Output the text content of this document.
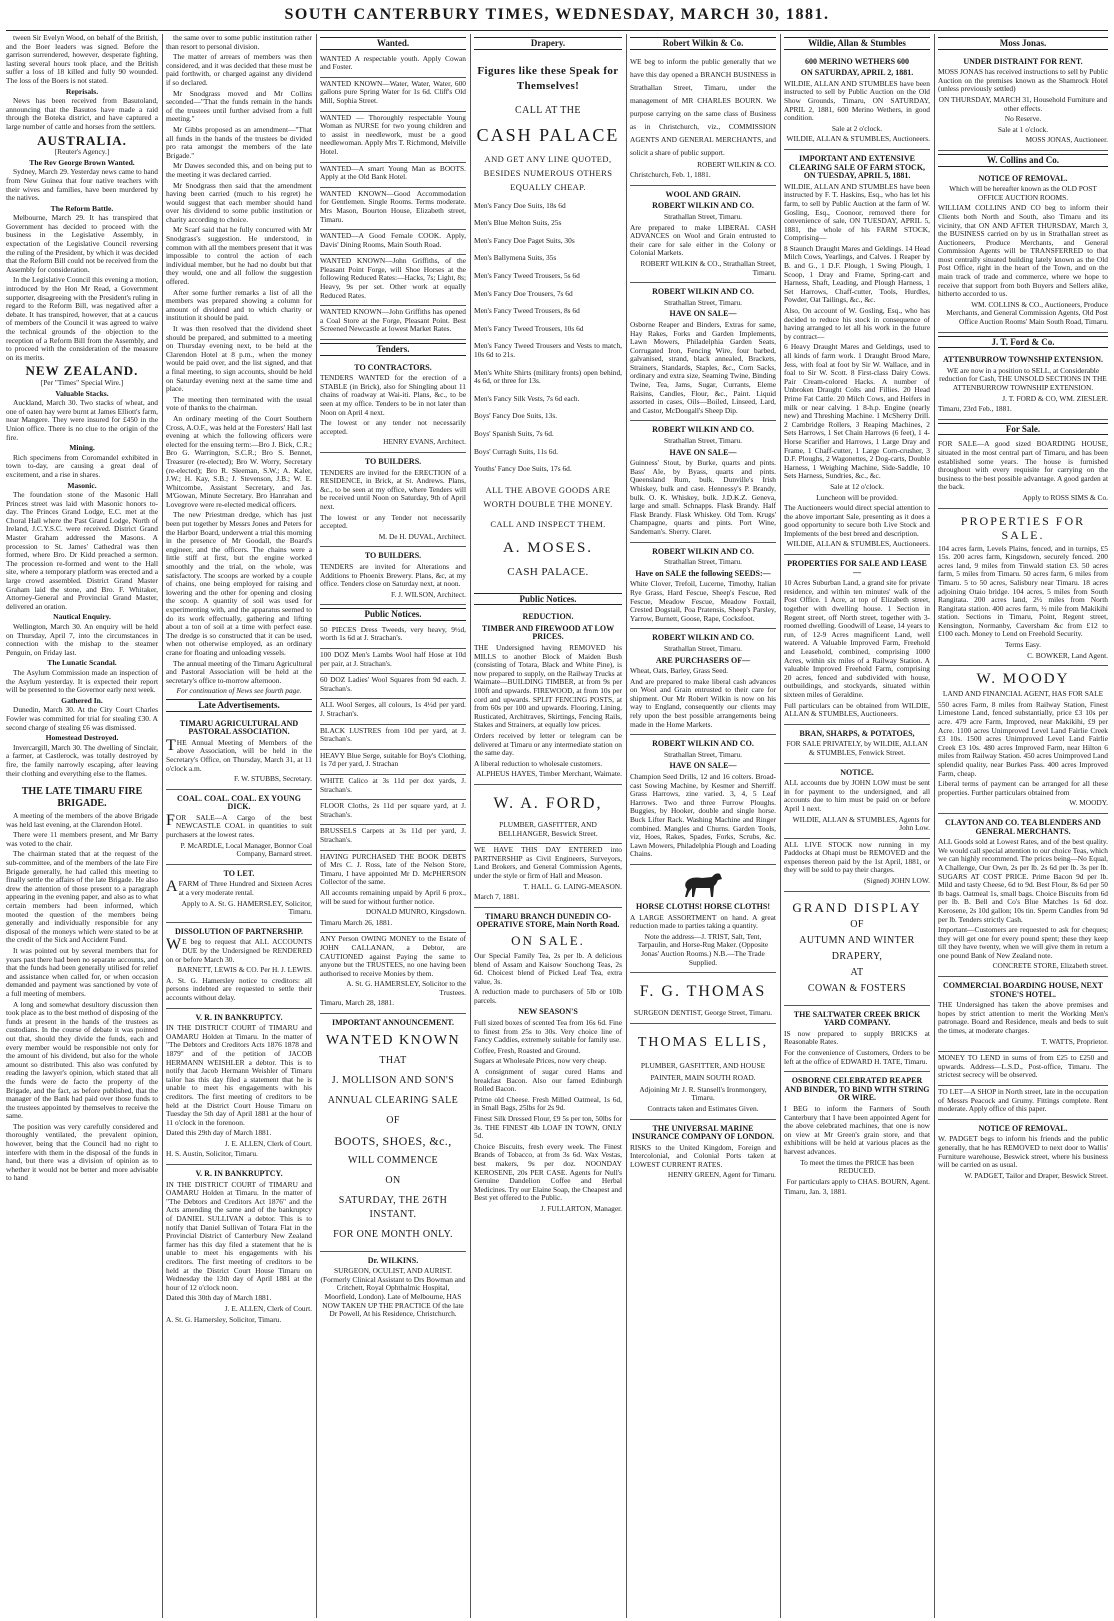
SOUTH CANTERBURY TIMES, WEDNESDAY, MARCH 30, 1881.

tween Sir Evelyn Wood, on behalf of the British, and the Boer leaders was signed. Before the garrison surrendered, however, desperate fighting, lasting several hours took place, and the British suffer a loss of 18 killed and fully 90 wounded. The loss of the Boers is not stated.

Reprisals.

News has been received from Basutoland, announcing that the Basutos have made a raid through the Boteka district, and have captured a large number of cattle and horses from the settlers.

AUSTRALIA.
[Reuter's Agency.]
The Rev George Brown Wanted.

Sydney, March 29. Yesterday news came to hand from New Guinea that four native teachers with their wives and families, have been murdered by the natives.

The Reform Battle.

Melbourne, March 29. It has transpired that Government has decided to proceed with the business in the Legislative Assembly, in expectation of the Legislative Council reversing the ruling of the President, by which it was decided that the Reform Bill could not be received from the Assembly for consideration.

In the Legislative Council this evening a motion, introduced by the Hon Mr Read, a Government supporter, disagreeing with the President's ruling in regard to the Reform Bill, was negatived after a debate. It has transpired, however, that at a caucus of members of the Council it was agreed to waive the technical grounds of the objection to the reception of a Reform Bill from the Assembly, and to proceed with the consideration of the measure on its merits.

NEW ZEALAND.
[Per "Times" Special Wire.]
Valuable Stacks.

Auckland, March 30. Two stacks of wheat, and one of oaten hay were burnt at James Elliott's farm, near Mangere. They were insured for £450 in the Union office. There is no clue to the origin of the fire.

Mining.

Rich specimens from Coromandel exhibited in town to-day, are causing a great deal of excitement, and a rise in shares.

Masonic.

The foundation stone of the Masonic Hall Princes street was laid with Masonic honors to-day. The Princes Grand Lodge, E.C. met at the Choral Hall where the Past Grand Lodge, North of Ireland, J.C.Y.S.C. were received. District Grand Master Graham addressed the Masons. A procession to St. James' Cathedral was then formed, where Bro. Dr Kidd preached a sermon. The procession re-formed and went to the Hall site, where a temporary platform was erected and a large crowd assembled. District Grand Master Graham laid the stone, and Bro. F. Whitaker, Attorney-General and Provincial Grand Master, delivered an oration.

Nautical Enquiry.

Wellington, March 30. An enquiry will be held on Thursday, April 7, into the circumstances in connection with the mishap to the steamer Penguin, on Friday last.

The Lunatic Scandal.

The Asylum Commission made an inspection of the Asylum yesterday. It is expected their report will be presented to the Governor early next week.

Gathered In.

Dunedin, March 30. At the City Court Charles Fowler was committed for trial for stealing £30. A second charge of stealing £6 was dismissed.

Homestead Destroyed.

Invercargill, March 30. The dwelling of Sinclair, a farmer, at Castlerock, was totally destroyed by fire, the family narrowly escaping, after leaving their clothing and everything else to the flames.

THE LATE TIMARU FIRE BRIGADE.

A meeting of the members of the above Brigade was held last evening, at the Clarendon Hotel.

There were 11 members present, and Mr Barry was voted to the chair.

The chairman stated that at the request of the sub-committee, and of the members of the late Fire Brigade generally, he had called this meeting to finally settle the affairs of the late Brigade. He also drew the attention of those present to a paragraph appearing in the evening paper, and also as to what certain members had been informed, which mooted the question of the members being generally and individually responsible for any disposal of the moneys which were stated to be at the credit of the Sick and Accident Fund.

It was pointed out by several members that for years past there had been no separate accounts, and that the funds had been generally utilised for relief and assistance when called for, or when occasion demanded and payment was sanctioned by vote of a full meeting of members.

A long and somewhat desultory discussion then took place as to the best method of disposing of the funds at present in the hands of the trustees as custodians. In the course of debate it was pointed out that, should they divide the funds, each and every member would be responsible not only for the amount of his dividend, but also for the whole amount so distributed. This also was confuted by reading the lawyer's opinion, which stated that all the funds were de facto the property of the Brigade, and the fact, as before published, that the manager of the Bank had paid over those funds to the trustees appointed by themselves to receive the same.

The position was very carefully considered and thoroughly ventilated, the prevalent opinion, however, being that the Council had no right to interfere with them in the disposal of the funds in hand, but there was a division of opinion as to whether it would not be better and more advisable to hand

the same over to some public institution rather than resort to personal division.

The matter of arrears of members was then considered, and it was decided that these must be paid forthwith, or charged against any dividend if so declared.

Mr Snodgrass moved and Mr Collins seconded—"That the funds remain in the hands of the trustees until further advised from a full meeting."

Mr Gibbs proposed as an amendment—"That all funds in the hands of the trustees be divided pro rata amongst the members of the late Brigade."

Mr Dawes seconded this, and on being put to the meeting it was declared carried.

Mr Snodgrass then said that the amendment having been carried (much to his regret) he would suggest that each member should hand over his dividend to some public institution or charity according to choice.

Mr Scarf said that he fully concurred with Mr Snodgrass's suggestion. He understood, in common with all the members present that it was impossible to control the action of each individual member, but he had no doubt but that they would, one and all follow the suggestion offered.

After some further remarks a list of all the members was prepared showing a column for amount of dividend and to which charity or institution it should be paid.

It was then resolved that the dividend sheet should be prepared, and submitted to a meeting on Thursday evening next, to be held at the Clarendon Hotel at 8 p.m., when the money would be paid over, and the list signed, and that a final meeting, to sign accounts, should be held on Saturday evening next at the same time and place.

The meeting then terminated with the usual vote of thanks to the chairman.

An ordinary meeting of the Court Southern Cross, A.O.F., was held at the Foresters' Hall last evening at which the following officers were elected for the ensuing term:—Bro J. Bick, C.R.; Bro G. Warrington, S.C.R.; Bro S. Bennet, Treasurer (re-elected); Bro W. Worry, Secretary (re-elected); Bro R. Sleeman, S.W.; A. Kaler, J.W.; H. Kay, S.B.; J. Stevenson, J.B.; W. E. Whitcombe, Assistant Secretary, and Jas. M'Gowan, Minute Secretary. Bro Hanrahan and Lovegrove were re-elected medical officers.

The new Priestman dredge, which has just been put together by Messrs Jones and Peters for the Harbor Board, underwent a trial this morning in the presence of Mr Goodall, the Board's engineer, and the officers. The chains were a little stiff at first, but the engine worked smoothly and the trial, on the whole, was satisfactory. The scoops are worked by a couple of chains, one being employed for raising and lowering and the other for opening and closing the scoop. A quantity of soil was used for experimenting with, and the apparatus seemed to do its work effectually, gathering and lifting about a ton of soil at a time with perfect ease. The dredge is so constructed that it can be used, when not otherwise employed, as an ordinary crane for floating and unloading vessels.

The annual meeting of the Timaru Agricultural and Pastoral Association will be held at the secretary's office to-morrow afternoon.

For continuation of News see fourth page.

Late Advertisements.
TIMARU AGRICULTURAL AND PASTORAL ASSOCIATION.

THE Annual Meeting of Members of the above Association, will be held in the Secretary's Office, on Thursday, March 31, at 11 o'clock a.m.

F. W. STUBBS, Secretary.

COAL. COAL. COAL. EX YOUNG DICK.

FOR SALE—A Cargo of the best NEWCASTLE COAL in quantities to suit purchasers at the lowest rates.

P. McARDLE, Local Manager, Bonnor Coal Company, Barnard street.

TO LET.

AFARM of Three Hundred and Sixteen Acres at a very moderate rental.

Apply to A. St. G. HAMERSLEY, Solicitor, Timaru.

DISSOLUTION OF PARTNERSHIP.

WE beg to request that ALL ACCOUNTS DUE by the Undersigned be RENDERED on or before March 30.

BARNETT, LEWIS & CO. Per H. J. LEWIS.

A. St. G. Hamersley notice to creditors: all persons indebted are requested to settle their accounts without delay.

V. R. IN BANKRUPTCY.

IN THE DISTRICT COURT of TIMARU and OAMARU Holden at Timaru. In the matter of "The Debtors and Creditors Acts 1876 1878 and 1879" and of the petition of JACOB HERMANN WEISHLER a debtor. This is to notify that Jacob Hermann Weishler of Timaru tailor has this day filed a statement that he is unable to meet his engagements with his creditors. The first meeting of creditors to be held at the District Court House Timaru on Tuesday the 5th day of April 1881 at the hour of 11 o'clock in the forenoon.

Dated this 29th day of March 1881.

J. E. ALLEN, Clerk of Court.

H. S. Austin, Solicitor, Timaru.

V. R. IN BANKRUPTCY.

IN THE DISTRICT COURT of TIMARU and OAMARU Holden at Timaru. In the matter of "The Debtors and Creditors Act 1876" and the Acts amending the same and of the bankruptcy of DANIEL SULLIVAN a debtor. This is to notify that Daniel Sullivan of Totara Flat in the Provincial District of Canterbury New Zealand farmer has this day filed a statement that he is unable to meet his engagements with his creditors. The first meeting of creditors to be held at the District Court House Timaru on Wednesday the 13th day of April 1881 at the hour of 12 o'clock noon.

Dated this 30th day of March 1881.

J. E. ALLEN, Clerk of Court.

A. St. G. Hamersley, Solicitor, Timaru.

Wanted.

WANTED A respectable youth. Apply Cowan and Foster.

WANTED KNOWN—Water, Water, Water, 600 gallons pure Spring Water for 1s 6d. Cliff's Old Mill, Sophia Street.

WANTED — Thoroughly respectable Young Woman as NURSE for two young children and to assist in needlework, must be a good needlewoman. Apply Mrs T. Richmond, Melville Hotel.

WANTED—A smart Young Man as BOOTS. Apply at the Old Bank Hotel.

WANTED KNOWN—Good Accommodation for Gentlemen. Single Rooms. Terms moderate. Mrs Mason, Bourton House, Elizabeth street, Timaru.

WANTED—A Good Female COOK. Apply, Davis' Dining Rooms, Main South Road.

WANTED KNOWN—John Griffiths, of the Pleasant Point Forge, will Shoe Horses at the following Reduced Rates:—Hacks, 7s; Light, 8s; Heavy, 9s per set. Other work at equally Reduced Rates.

WANTED KNOWN—John Griffiths has opened a Coal Store at the Forge, Pleasant Point. Best Screened Newcastle at lowest Market Rates.

Tenders.
TO CONTRACTORS.

TENDERS WANTED for the erection of a STABLE (in Brick), also for Shingling about 11 chains of roadway at Wai-iti. Plans, &c., to be seen at my office. Tenders to be in not later than Noon on April 4 next.

The lowest or any tender not necessarily accepted.

HENRY EVANS, Architect.

TO BUILDERS.

TENDERS are invited for the ERECTION of a RESIDENCE, in Brick, at St. Andrews. Plans, &c., to be seen at my office, where Tenders will be received until Noon on Saturday, 9th of April next.

The lowest or any Tender not necessarily accepted.

M. De H. DUVAL, Architect.

TO BUILDERS.

TENDERS are invited for Alterations and Additions to Phoenix Brewery. Plans, &c, at my office. Tenders close on Saturday next, at noon.

F. J. WILSON, Architect.

Public Notices.

50 PIECES Dress Tweeds, very heavy, 9½d, worth 1s 6d at J. Strachan's.

100 DOZ Men's Lambs Wool half Hose at 10d per pair, at J. Strachan's.

60 DOZ Ladies' Wool Squares from 9d each. J. Strachan's.

ALL Wool Serges, all colours, 1s 4½d per yard. J. Strachan's.

BLACK LUSTRES from 10d per yard, at J. Strachan's.

HEAVY Blue Serge, suitable for Boy's Clothing, 1s 7d per yard, J. Strachan

WHITE Calico at 3s 11d per doz yards, J. Strachan's.

FLOOR Cloths, 2s 11d per square yard, at J. Strachan's.

BRUSSELS Carpets at 3s 11d per yard, J. Strachan's.

HAVING PURCHASED THE BOOK DEBTS of Mrs C. J. Ross, late of the Nelson Store, Timaru, I have appointed Mr D. McPHERSON Collector of the same.

All accounts remaining unpaid by April 6 prox., will be sued for without further notice.

DONALD MUNRO, Kingsdown.

Timaru March 26, 1881.

ANY Person OWING MONEY to the Estate of JOHN CALLANAN, a Debtor, are CAUTIONED against Paying the same to anyone but the TRUSTEES, no one having been authorised to receive Monies by them.

A. St. G. HAMERSLEY, Solicitor to the Trustees.

Timaru, March 28, 1881.

IMPORTANT ANNOUNCEMENT.
WANTED KNOWN
THAT
J. MOLLISON AND SON'S
ANNUAL CLEARING SALE
OF
BOOTS, SHOES, &c.,
WILL COMMENCE
ON
SATURDAY, THE 26TH INSTANT.
FOR ONE MONTH ONLY.
Dr. WILKINS.

SURGEON, OCULIST, AND AURIST. (Formerly Clinical Assistant to Drs Bowman and Critchett, Royal Ophthalmic Hospital, Moorfield, London). Late of Melbourne, HAS NOW TAKEN UP THE PRACTICE Of the late Dr Powell, At his Residence, Christchurch.

Drapery.
Figures like these Speak for Themselves!
CALL AT THE
CASH PALACE
AND GET ANY LINE QUOTED, BESIDES NUMEROUS OTHERS EQUALLY CHEAP.
Men's Fancy Doe Suits, 18s 6d
Men's Blue Melton Suits, 25s
Men's Fancy Doe Paget Suits, 30s
Men's Ballymena Suits, 35s
Men's Fancy Tweed Trousers, 5s 6d
Men's Fancy Doe Trousers, 7s 6d
Men's Fancy Tweed Trousers, 8s 6d
Men's Fancy Tweed Trousers, 10s 6d
Men's Fancy Tweed Trousers and Vests to match, 10s 6d to 21s.
Men's White Shirts (military fronts) open behind, 4s 6d, or three for 13s.
Men's Fancy Silk Vests, 7s 6d each.
Boys' Fancy Doe Suits, 13s.
Boys' Spanish Suits, 7s 6d.
Boys' Curragh Suits, 11s 6d.
Youths' Fancy Doe Suits, 17s 6d.
ALL THE ABOVE GOODS ARE WORTH DOUBLE THE MONEY.
CALL AND INSPECT THEM.
A. MOSES.
CASH PALACE.
Public Notices.
REDUCTION.
TIMBER AND FIREWOOD AT LOW PRICES.

THE Undersigned having REMOVED his MILLS to another Block of Maiden Bush (consisting of Totara, Black and White Pine), is now prepared to supply, on the Railway Trucks at Waimate—BUILDING TIMBER, at from 9s per 100ft and upwards. FIREWOOD, at from 10s per cord and upwards. SPLIT FENCING POSTS, at from 60s per 100 and upwards. Flooring, Lining, Rusticated, Architraves, Skirtings, Fencing Rails, Stakes and Strainers, at equally low prices.

Orders received by letter or telegram can be delivered at Timaru or any intermediate station on the same day.

A liberal reduction to wholesale customers.

ALPHEUS HAYES, Timber Merchant, Waimate.

W. A. FORD,

PLUMBER, GASFITTER, AND BELLHANGER, Beswick Street.

WE HAVE THIS DAY ENTERED into PARTNERSHIP as Civil Engineers, Surveyors, Land Brokers, and General Commission Agents, under the style or firm of Hall and Meason.

T. HALL. G. LAING-MEASON.

March 7, 1881.

TIMARU BRANCH DUNEDIN CO-OPERATIVE STORE, Main North Road.
ON SALE.

Our Special Family Tea, 2s per lb. A delicious blend of Assam and Kaisow Souchong Teas, 2s 6d. Choicest blend of Picked Leaf Tea, extra value, 3s.

A reduction made to purchasers of 5lb or 10lb parcels.

NEW SEASON'S

Full sized boxes of scented Tea from 16s 6d. Fine to finest from 25s to 30s. Very choice line of Fancy Caddies, extremely suitable for family use.

Coffee, Fresh, Roasted and Ground.

Sugars at Wholesale Prices, now very cheap.

A consignment of sugar cured Hams and breakfast Bacon. Also our famed Edinburgh Rolled Bacon.

Prime old Cheese. Fresh Milled Oatmeal, 1s 6d, in Small Bags, 25lbs for 2s 9d.

Finest Silk Dressed Flour, £9 5s per ton, 50lbs for 3s. THE FINEST 4lb LOAF IN TOWN, ONLY 5d.

Choice Biscuits, fresh every week. The Finest Brands of Tobacco, at from 3s 6d. Wax Vestas, best makers, 9s per doz. NOONDAY KEROSENE, 20s PER CASE. Agents for Null's Genuine Dandelion Coffee and Herbal Medicines. Try our Elaine Soap, the Cheapest and Best yet offered to the Public.

J. FULLARTON, Manager.

Robert Wilkin & Co.

WE beg to inform the public generally that we have this day opened a BRANCH BUSINESS in Strathallan Street, Timaru, under the management of MR CHARLES BOURN. We purpose carrying on the same class of Business as in Christchurch, viz., COMMISSION AGENTS AND GENERAL MERCHANTS, and solicit a share of public support.

ROBERT WILKIN & CO.

Christchurch, Feb. 1, 1881.

WOOL AND GRAIN.
ROBERT WILKIN AND CO.

Strathallan Street, Timaru.

Are prepared to make LIBERAL CASH ADVANCES on Wool and Grain entrusted to their care for sale either in the Colony or Colonial Markets.

ROBERT WILKIN & CO., Strathallan Street, Timaru.

ROBERT WILKIN AND CO.

Strathallan Street, Timaru.

HAVE ON SALE—

Osborne Reaper and Binders, Extras for same, Hay Rakes, Forks and Garden Implements, Lawn Mowers, Philadelphia Garden Seats, Corrugated Iron, Fencing Wire, four barbed, galvanised, strand, black annealed, Brackets, Strainers, Standards, Staples, &c., Corn Sacks, ordinary and extra size, Seaming Twine, Binding Twine, Tea, Jams, Sugar, Currants, Eleme Raisins, Candles, Flour, &c., Paint. Liquid assorted in cases, Oils—Boiled, Linseed, Lard, and Castor, McDougall's Sheep Dip.

ROBERT WILKIN AND CO.

Strathallan Street, Timaru.

HAVE ON SALE—

Guinness' Stout, by Burke, quarts and pints. Bass' Ale, by Byass, quarts and pints. Queensland Rum, bulk. Dunville's Irish Whiskey, bulk and case. Hennessy's P. Brandy, bulk. O. K. Whiskey, bulk. J.D.K.Z. Geneva, large and small. Schnapps. Flask Brandy. Half Flask Brandy. Flask Whiskey. Old Tom. Krugs' Champagne, quarts and pints. Port Wine, Sandeman's. Sherry. Claret.

ROBERT WILKIN AND CO.

Strathallan Street, Timaru.

Have on SALE the following SEEDS:—

White Clover, Trefoil, Lucerne, Timothy, Italian Rye Grass, Hard Fescue, Sheep's Fescue, Red Fescue, Meadow Fescue, Meadow Foxtail, Crested Dogstail, Poa Pratensis, Sheep's Parsley, Yarrow, Burnett, Goose, Rape, Cocksfoot.

ROBERT WILKIN AND CO.

Strathallan Street, Timaru.

ARE PURCHASERS OF—

Wheat, Oats, Barley, Grass Seed.

And are prepared to make liberal cash advances on Wool and Grain entrusted to their care for shipment. Our Mr Robert Wilkin is now on his way to England, consequently our clients may rely upon the best possible arrangements being made in the Home Markets.

ROBERT WILKIN AND CO.

Strathallan Street, Timaru.

HAVE ON SALE—

Champion Seed Drills, 12 and 16 colters. Broad-cast Sowing Machine, by Kesmer and Sherriff. Grass Harrows, zine varied. 3, 4, 5 Leaf Harrows. Two and three Furrow Ploughs. Buggies, by Hooker, double and single horse. Buck Lifter Rack. Washing Machine and Ringer combined. Mangles and Churns. Garden Tools, viz, Hoes, Rakes, Spades, Forks, Scrubs, &c. Lawn Mowers, Philadelphia Plough and Loading Chains.

HORSE CLOTHS! HORSE CLOTHS!

A LARGE ASSORTMENT on hand. A great reduction made to parties taking a quantity.

Note the address—J. TRIST, Salt, Tent, Tarpaulin, and Horse-Rug Maker. (Opposite Jonas' Auction Rooms.) N.B.—The Trade Supplied.

F. G. THOMAS

SURGEON DENTIST, George Street, Timaru.

THOMAS ELLIS,

PLUMBER, GASFITTER, AND HOUSE PAINTER, MAIN SOUTH ROAD.

Adjoining Mr J. R. Stansell's Ironmongery, Timaru.

Contracts taken and Estimates Given.

THE UNIVERSAL MARINE INSURANCE COMPANY OF LONDON.

RISKS to the United Kingdom, Foreign and Intercolonial, and Colonial Ports taken at LOWEST CURRENT RATES.

HENRY GREEN, Agent for Timaru.

Wildie, Allan & Stumbles
600 MERINO WETHERS 600
ON SATURDAY, APRIL 2, 1881.

WILDIE, ALLAN AND STUMBLES have been instructed to sell by Public Auction on the Old Show Grounds, Timaru, ON SATURDAY, APRIL 2, 1881, 600 Merino Wethers, in good condition.

Sale at 2 o'clock.

WILDIE, ALLAN & STUMBLES, Auctioneers.

IMPORTANT AND EXTENSIVE CLEARING SALE OF FARM STOCK, ON TUESDAY, APRIL 5, 1881.

WILDIE, ALLAN AND STUMBLES have been instructed by F. T. Haskins, Esq., who has let his farm, to sell by Public Auction at the farm of W. Gosling, Esq., Coonoor, removed there for convenience of sale, ON TUESDAY, APRIL 5, 1881, the whole of his FARM STOCK, Comprising—

8 Staunch Draught Mares and Geldings. 14 Head Milch Cows, Yearlings, and Calves. 1 Reaper by B. and G., 1 D.F. Plough, 1 Swing Plough, 1 Scoop, 1 Dray and Frame, Spring-cart and Harness, Shaft, Leading, and Plough Harness, 1 Set Harrows, Chaff-cutter, Tools, Hurdles, Powder, Oat Tailings, &c., &c.

Also, On account of W. Gosling, Esq., who has decided to reduce his stock in consequence of having arranged to let all his work in the future by contract—

6 Heavy Draught Mares and Geldings, used to all kinds of farm work. 1 Draught Brood Mare, Jess, with foal at foot by Sir W. Wallace, and in foal to Sir W. Scott. 8 First-class Dairy Cows. Pair Cream-colored Hacks. A number of Unbroken Draught Colts and Fillies. 20 Head Prime Fat Cattle. 20 Milch Cows, and Heifers in milk or near calving. 1 8-h.p. Engine (nearly new) and Threshing Machine. 1 McSherry Drill. 2 Cambridge Rollers, 3 Reaping Machines, 2 Sets Harrows, 1 Set Chain Harrows (6 feet), 1 4-Horse Scarifier and Harrows, 1 Large Dray and Frame, 1 Chaff-cutter, 1 Large Corn-crusher, 3 D.F. Ploughs, 2 Wagonettes, 2 Dog-carts, Double Harness, 1 Weighing Machine, Side-Saddle, 10 Sets Harness, Sundries, &c., &c.

Sale at 12 o'clock.

Luncheon will be provided.

The Auctioneers would direct special attention to the above important Sale, presenting as it does a good opportunity to secure both Live Stock and Implements of the best breed and description.

WILDIE, ALLAN & STUMBLES, Auctioneers.

PROPERTIES FOR SALE AND LEASE—

10 Acres Suburban Land, a grand site for private residence, and within ten minutes' walk of the Post Office. 1 Acre, at top of Elizabeth street, together with dwelling house. 1 Section in Regent street, off North street, together with 3-roomed dwelling. Goodwill of Lease, 14 years to run, of 12-9 Acres magnificent Land, well watered. A Valuable Improved Farm, Freehold and Leasehold, combined, comprising 1000 Acres, within six miles of a Railway Station. A valuable Improved Freehold Farm, comprising 20 acres, fenced and subdivided with house, outbuildings, and stockyards, situated within sixteen miles of Geraldine.

Full particulars can be obtained from WILDIE, ALLAN & STUMBLES, Auctioneers.

BRAN, SHARPS, & POTATOES,

FOR SALE PRIVATELY, by WILDIE, ALLAN & STUMBLES, Fenwick Street.

NOTICE.

ALL accounts due by JOHN LOW must be sent in for payment to the undersigned, and all accounts due to him must be paid on or before April 1 next.

WILDIE, ALLAN & STUMBLES, Agents for John Low.

ALL LIVE STOCK now running in my Paddocks at Ohapi must be REMOVED and the expenses thereon paid by the 1st April, 1881, or they will be sold to pay their charges.

(Signed) JOHN LOW.

GRAND DISPLAY
OF
AUTUMN AND WINTER
DRAPERY,
AT
COWAN & FOSTERS
THE SALTWATER CREEK BRICK YARD COMPANY.

IS now prepared to supply BRICKS at Reasonable Rates.

For the convenience of Customers, Orders to be left at the office of EDWARD H. TATE, Timaru.

OSBORNE CELEBRATED REAPER AND BINDER, TO BIND WITH STRING OR WIRE.

I BEG to inform the Farmers of South Canterbury that I have been appointed Agent for the above celebrated machines, that one is now on view at Mr Green's grain store, and that exhibitions will be held at various places as the harvest advances.

To meet the times the PRICE has been REDUCED.

For particulars apply to CHAS. BOURN, Agent.

Timaru, Jan. 3, 1881.

Moss Jonas.
UNDER DISTRAINT FOR RENT.

MOSS JONAS has received instructions to sell by Public Auction on the premises known as the Shamrock Hotel (unless previously settled)

ON THURSDAY, MARCH 31, Household Furniture and other effects.

No Reserve.

Sale at 1 o'clock.

MOSS JONAS, Auctioneer.

W. Collins and Co.
NOTICE OF REMOVAL.

Which will be hereafter known as the OLD POST OFFICE AUCTION ROOMS.

WILLIAM COLLINS AND CO beg to inform their Clients both North and South, also Timaru and its vicinity, that ON AND AFTER THURSDAY, March 3, the BUSINESS carried on by us in Strathallan street as Auctioneers, Produce Merchants, and General Commission Agents will be TRANSFERRED to that most centrally situated building lately known as the Old Post Office, right in the heart of the Town, and on the main track of trade and commerce, where we hope to receive that support from both Buyers and Sellers alike, hitherto accorded to us.

WM. COLLINS & CO., Auctioneers, Produce Merchants, and General Commission Agents, Old Post Office Auction Rooms' Main South Road, Timaru.

J. T. Ford & Co.
ATTENBURROW TOWNSHIP EXTENSION.

WE are now in a position to SELL, at Considerable reduction for Cash, THE UNSOLD SECTIONS IN THE ATTENBURROW TOWNSHIP EXTENSION.

J. T. FORD & CO, WM. ZIESLER.

Timaru, 23rd Feb., 1881.

For Sale.

FOR SALE—A good sized BOARDING HOUSE, situated in the most central part of Timaru, and has been established some years. The house is furnished throughout with every requisite for carrying on the business to the best possible advantage. A good garden at the back.

Apply to ROSS SIMS & Co.

PROPERTIES FOR SALE.

104 acres farm, Levels Plains, fenced, and in turnips, £5 15s. 200 acres farm, Kingsdown, securely fenced. 200 acres land, 9 miles from Tinwald station £3. 50 acres farm, 5 miles from Timaru. 50 acres farm, 6 miles from Timaru. 5 to 50 acres, Salisbury near Timaru. 18 acres adjoining Otaio bridge. 104 acres, 5 miles from South Rangitata. 200 acres land, 2½ miles from North Rangitata station. 400 acres farm, ½ mile from Makikihi station. Sections in Timaru, Point, Regent street, Kensington, Normanby, Caversham &c from £12 to £100 each. Money to Lend on Freehold Security.

Terms Easy.

C. BOWKER, Land Agent.

W. MOODY

LAND AND FINANCIAL AGENT, HAS FOR SALE

550 acres Farm, 8 miles from Railway Station, Finest Limestone Land, fenced substantially, price £3 10s per acre. 479 acre Farm, Improved, near Makikihi, £9 per Acre. 1100 acres Unimproved Level Land Fairlie Creek £3 10s. 1500 acres Unimproved Level Land Fairlie Creek £3 10s. 480 acres Improved Farm, near Hilton 6 miles from Railway Station. 450 acres Unimproved Land splendid quality, near Burkes Pass. 400 acres Improved Farm, cheap.

Liberal terms of payment can be arranged for all these properties. Further particulars obtained from

W. MOODY.

CLAYTON AND CO. TEA BLENDERS AND GENERAL MERCHANTS.

ALL Goods sold at Lowest Rates, and of the best quality. We would call special attention to our choice Teas, which we can highly recommend. The prices being—No Equal, A Challenge, Our Own, 2s per lb. 2s 6d per lb. 3s per lb. SUGARS AT COST PRICE. Prime Bacon 9d per lb. Mild and tasty Cheese, 6d to 9d. Best Flour, 8s 6d per 50 lb bags. Oatmeal 1s, small bags. Choice Biscuits from 6d per lb. B. Bell and Co's Blue Matches 1s 6d doz. Kerosene, 2s 10d gallon; 10s tin. Sperm Candles from 9d per lb. Tenders strictly Cash.

Important—Customers are requested to ask for cheques; they will get one for every pound spent; these they keep till they have twenty, when we will give them in return a one pound Bank of New Zealand note.

CONCRETE STORE, Elizabeth street.

COMMERCIAL BOARDING HOUSE, NEXT STONE'S HOTEL.

THE Undersigned has taken the above premises and hopes by strict attention to merit the Working Men's patronage. Board and Residence, meals and beds to suit the times, at moderate charges.

T. WATTS, Proprietor.

MONEY TO LEND in sums of from £25 to £250 and upwards. Address—L.S.D., Post-office, Timaru. The strictest secrecy will be observed.

TO LET—A SHOP in North street, late in the occupation of Messrs Peacock and Grumy. Fittings complete. Rent moderate. Apply office of this paper.

NOTICE OF REMOVAL.

W. PADGET begs to inform his friends and the public generally, that he has REMOVED to next door to Wallis' Furniture warehouse, Beswick street, where his business will be carried on as usual.

W. PADGET, Tailor and Draper, Beswick Street.
